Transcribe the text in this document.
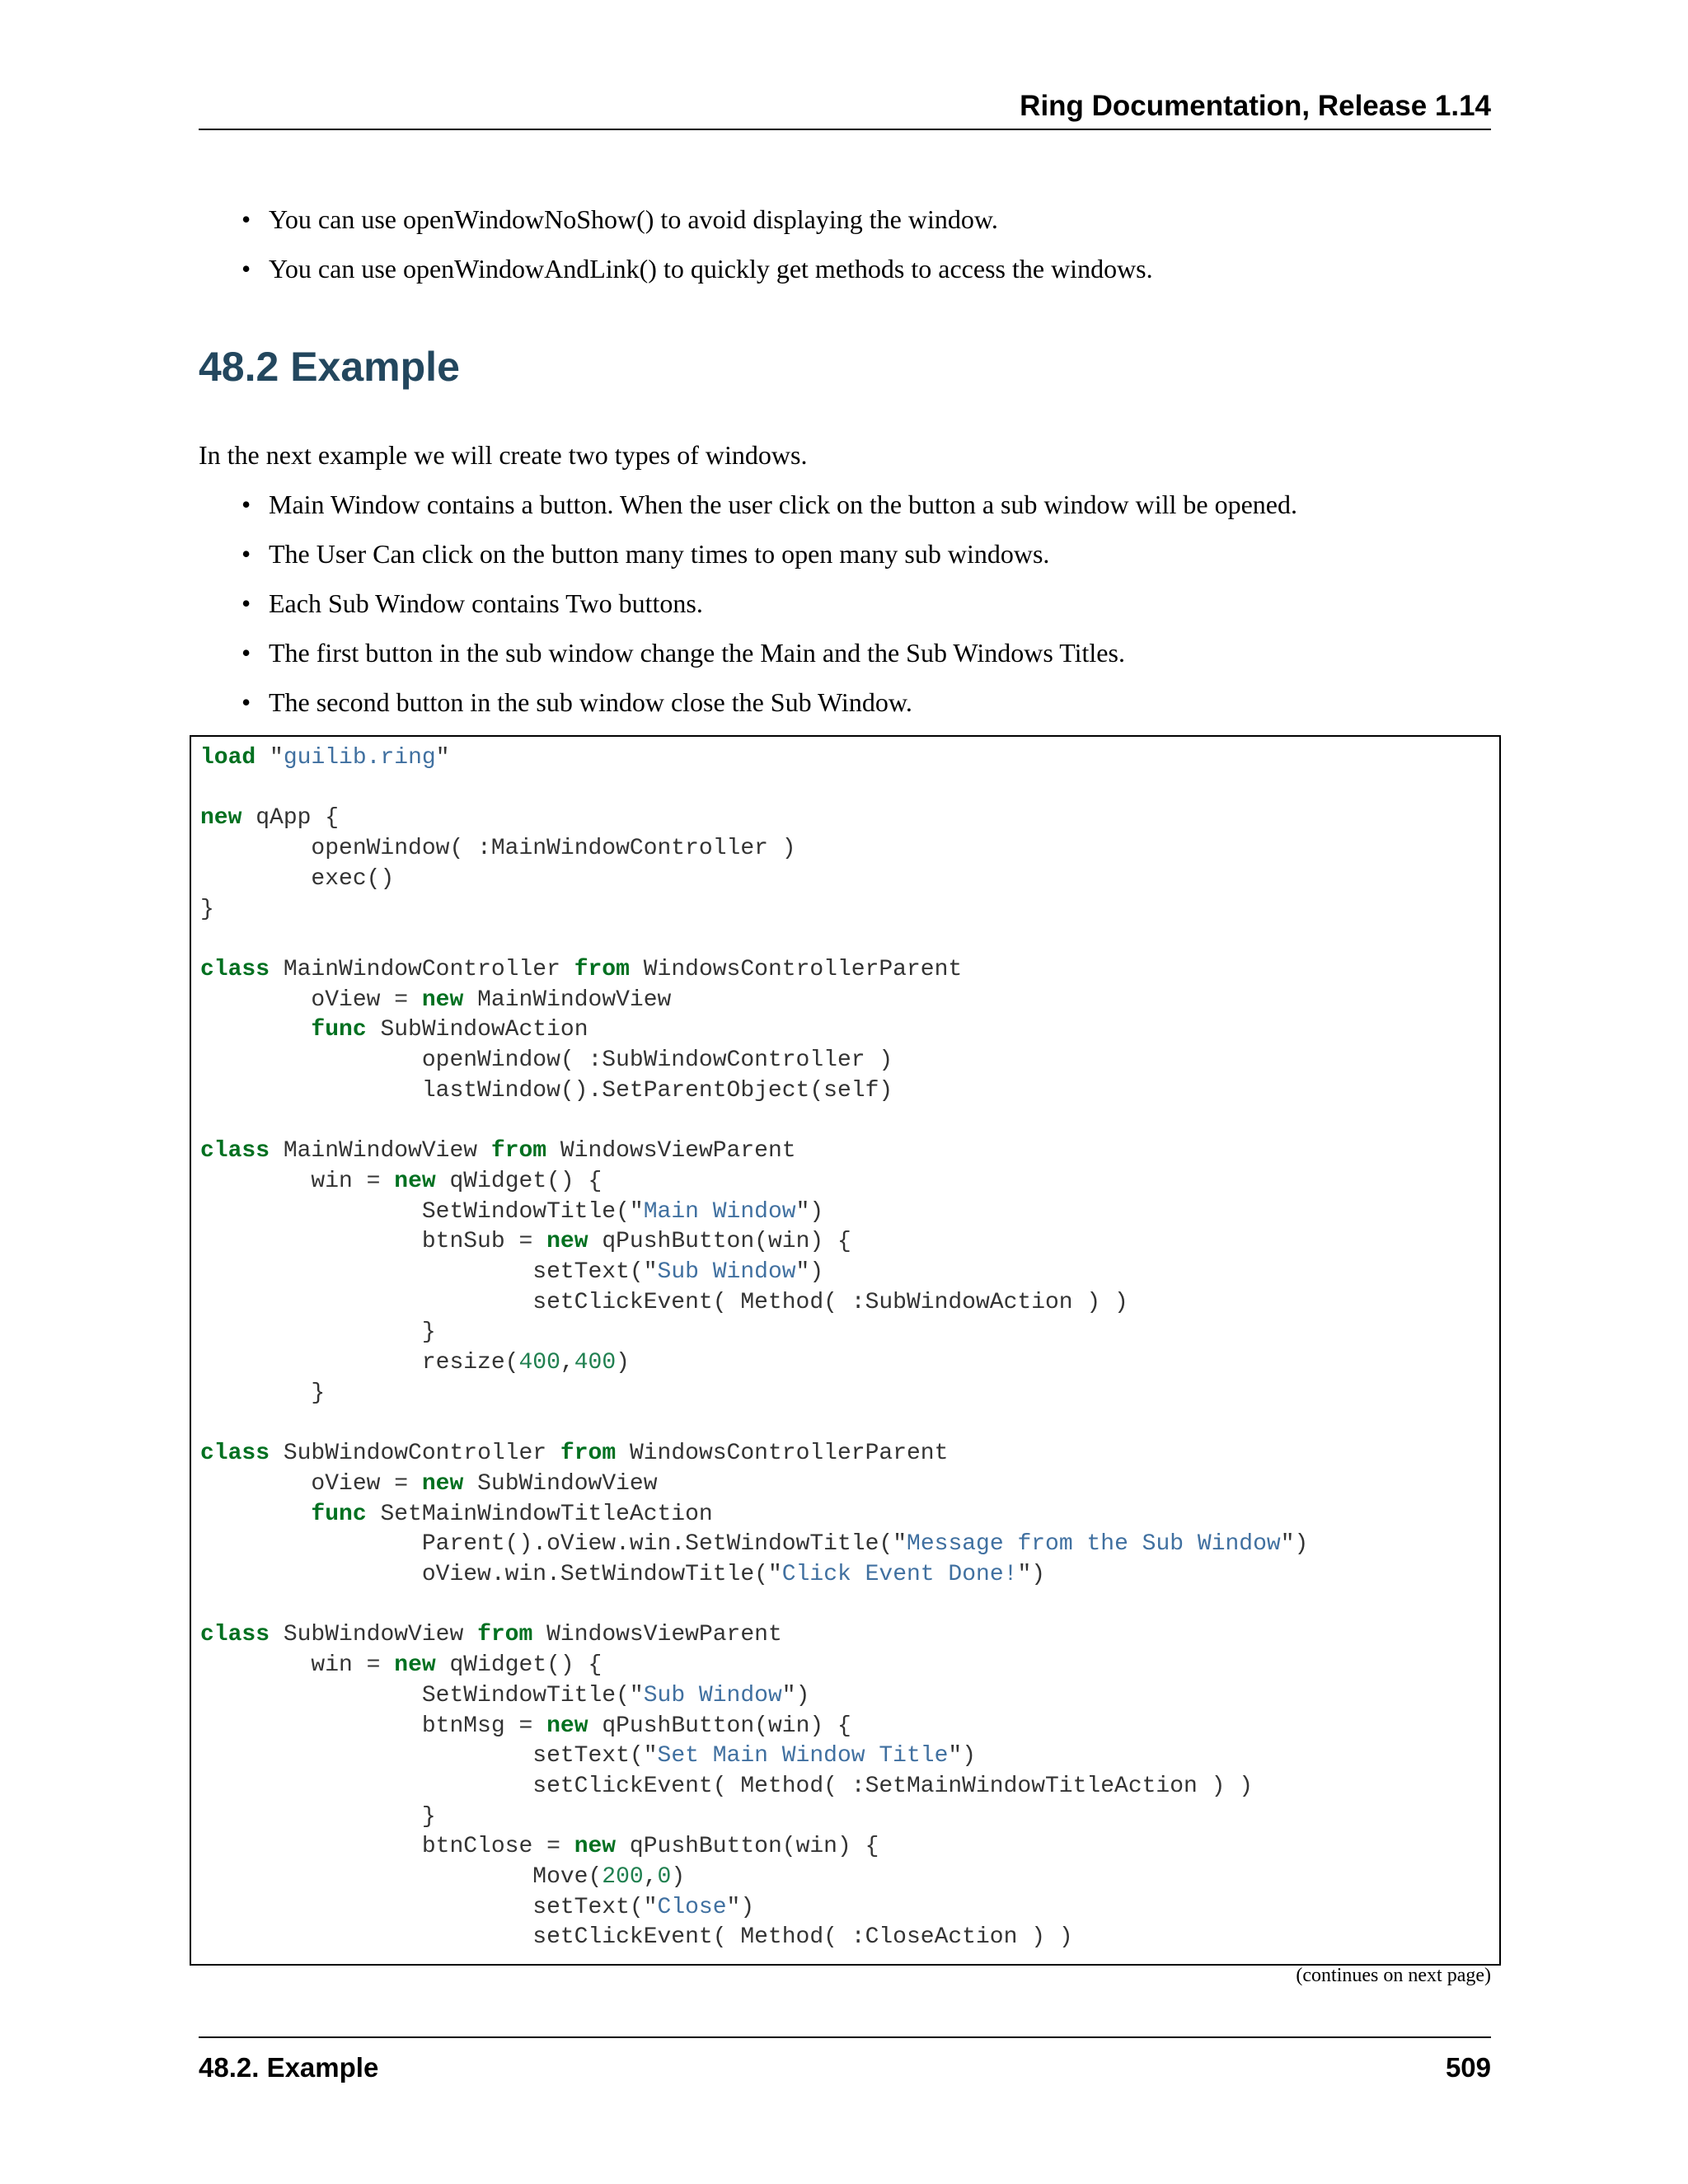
Ring Documentation, Release 1.14
• You can use openWindowNoShow() to avoid displaying the window.
• You can use openWindowAndLink() to quickly get methods to access the windows.
48.2 Example

In the next example we will create two types of windows.

• Main Window contains a button. When the user click on the button a sub window will be opened.
• The User Can click on the button many times to open many sub windows.
• Each Sub Window contains Two buttons.
• The first button in the sub window change the Main and the Sub Windows Titles.
• The second button in the sub window close the Sub Window.
load "guilib.ring"

new qApp {
openWindow( :MainWindowController )
exec()
}

class MainWindowController from WindowsControllerParent
oView = new MainWindowView
func SubWindowAction
openWindow( :SubWindowController )
lastWindow().SetParentObject(self)

class MainWindowView from WindowsViewParent
win = new qWidget() {
SetWindowTitle("Main Window")
btnSub = new qPushButton(win) {
setText("Sub Window")
setClickEvent( Method( :SubWindowAction ) )
}
resize(400,400)
}

class SubWindowController from WindowsControllerParent
oView = new SubWindowView
func SetMainWindowTitleAction
Parent().oView.win.SetWindowTitle("Message from the Sub Window")
oView.win.SetWindowTitle("Click Event Done!")

class SubWindowView from WindowsViewParent
win = new qWidget() {
SetWindowTitle("Sub Window")
btnMsg = new qPushButton(win) {
setText("Set Main Window Title")
setClickEvent( Method( :SetMainWindowTitleAction ) )
}
btnClose = new qPushButton(win) {
Move(200,0)
setText("Close")
setClickEvent( Method( :CloseAction ) )
(continues on next page)
48.2. Example	509
